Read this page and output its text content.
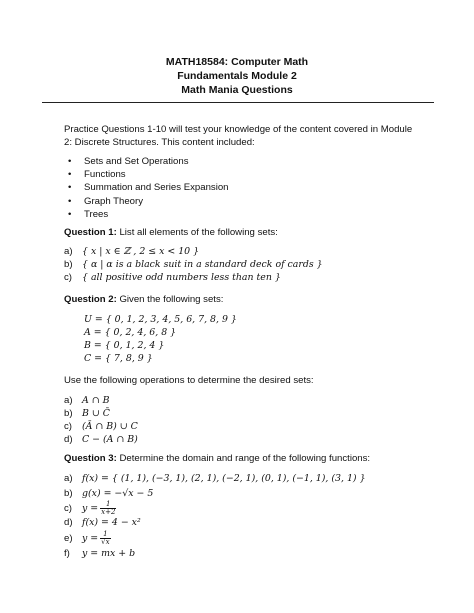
MATH18584: Computer Math
Fundamentals Module 2
Math Mania Questions
Practice Questions 1-10 will test your knowledge of the content covered in Module 2: Discrete Structures. This content included:
• Sets and Set Operations
• Functions
• Summation and Series Expansion
• Graph Theory
• Trees
Question 1: List all elements of the following sets:
a) { x | x ∈ ℤ , 2 ≤ x < 10 }
b) { α | α is a black suit in a standard deck of cards }
c) { all positive odd numbers less than ten }
Question 2: Given the following sets:
U = { 0, 1, 2, 3, 4, 5, 6, 7, 8, 9 }
A = { 0, 2, 4, 6, 8 }
B = { 0, 1, 2, 4 }
C = { 7, 8, 9 }
Use the following operations to determine the desired sets:
a) A ∩ B
b) B ∪ C̄
c) (Ā ∩ B) ∪ C
d) C − (A ∩ B)
Question 3: Determine the domain and range of the following functions:
a) f(x) = { (1, 1), (−3, 1), (2, 1), (−2, 1), (0, 1), (−1, 1), (3, 1) }
b) g(x) = −√x − 5
c) $y = \frac{1}{x+2}$
d) f(x) = 4 − x²
e) $y = \frac{1}{√x}$
f) y = mx + b
